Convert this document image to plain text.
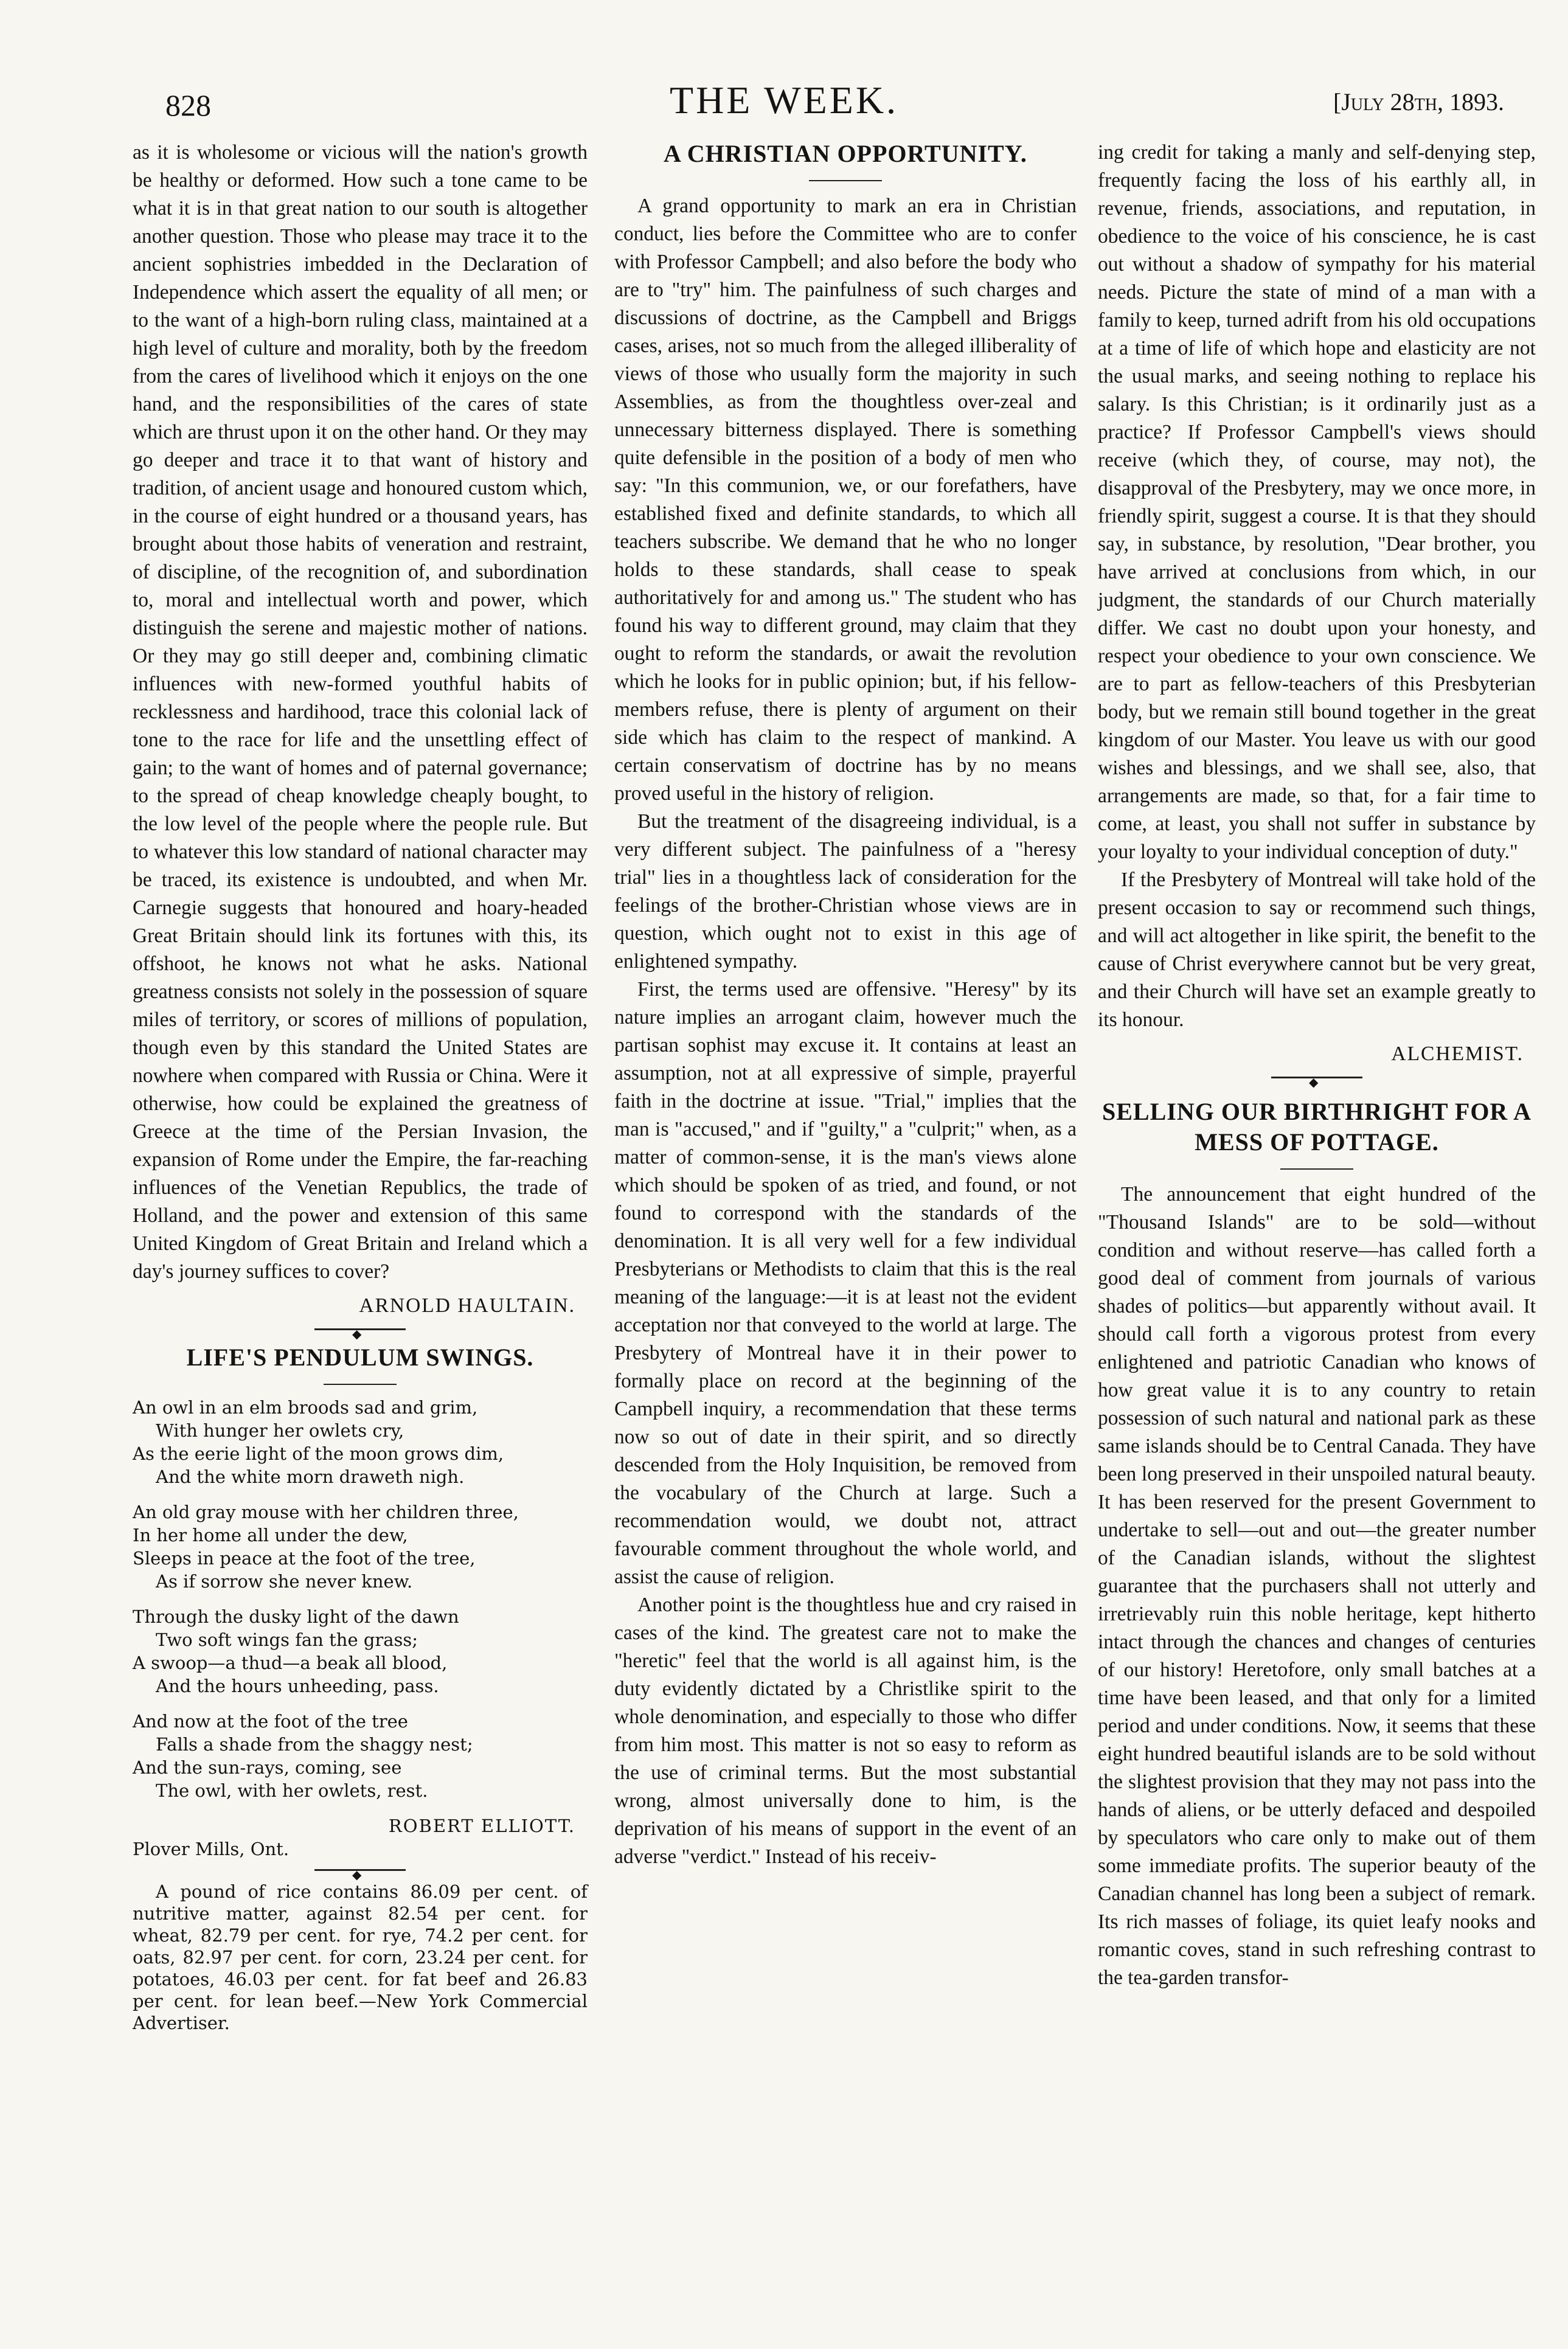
828	THE WEEK.	[July 28th, 1893.

as it is wholesome or vicious will the nation's growth be healthy or deformed. How such a tone came to be what it is in that great nation to our south is altogether another question. Those who please may trace it to the ancient sophistries imbedded in the Declaration of Independence which assert the equality of all men; or to the want of a high-born ruling class, maintained at a high level of culture and morality, both by the freedom from the cares of livelihood which it enjoys on the one hand, and the responsibilities of the cares of state which are thrust upon it on the other hand. Or they may go deeper and trace it to that want of history and tradition, of ancient usage and honoured custom which, in the course of eight hundred or a thousand years, has brought about those habits of veneration and restraint, of discipline, of the recognition of, and subordination to, moral and intellectual worth and power, which distinguish the serene and majestic mother of nations. Or they may go still deeper and, combining climatic influences with new-formed youthful habits of recklessness and hardihood, trace this colonial lack of tone to the race for life and the unsettling effect of gain; to the want of homes and of paternal governance; to the spread of cheap knowledge cheaply bought, to the low level of the people where the people rule. But to whatever this low standard of national character may be traced, its existence is undoubted, and when Mr. Carnegie suggests that honoured and hoary-headed Great Britain should link its fortunes with this, its offshoot, he knows not what he asks. National greatness consists not solely in the possession of square miles of territory, or scores of millions of population, though even by this standard the United States are nowhere when compared with Russia or China. Were it otherwise, how could be explained the greatness of Greece at the time of the Persian Invasion, the expansion of Rome under the Empire, the far-reaching influences of the Venetian Republics, the trade of Holland, and the power and extension of this same United Kingdom of Great Britain and Ireland which a day's journey suffices to cover?

ARNOLD HAULTAIN.
◆
LIFE'S PENDULUM SWINGS.
An owl in an elm broods sad and grim,
With hunger her owlets cry,
As the eerie light of the moon grows dim,
And the white morn draweth nigh.
An old gray mouse with her children three,
In her home all under the dew,
Sleeps in peace at the foot of the tree,
As if sorrow she never knew.
Through the dusky light of the dawn
Two soft wings fan the grass;
A swoop—a thud—a beak all blood,
And the hours unheeding, pass.
And now at the foot of the tree
Falls a shade from the shaggy nest;
And the sun-rays, coming, see
The owl, with her owlets, rest.
ROBERT ELLIOTT.
Plover Mills, Ont.
◆

A pound of rice contains 86.09 per cent. of nutritive matter, against 82.54 per cent. for wheat, 82.79 per cent. for rye, 74.2 per cent. for oats, 82.97 per cent. for corn, 23.24 per cent. for potatoes, 46.03 per cent. for fat beef and 26.83 per cent. for lean beef.—New York Commercial Advertiser.

A CHRISTIAN OPPORTUNITY.

A grand opportunity to mark an era in Christian conduct, lies before the Committee who are to confer with Professor Campbell; and also before the body who are to "try" him. The painfulness of such charges and discussions of doctrine, as the Campbell and Briggs cases, arises, not so much from the alleged illiberality of views of those who usually form the majority in such Assemblies, as from the thoughtless over-zeal and unnecessary bitterness displayed. There is something quite defensible in the position of a body of men who say: "In this communion, we, or our forefathers, have established fixed and definite standards, to which all teachers subscribe. We demand that he who no longer holds to these standards, shall cease to speak authoritatively for and among us." The student who has found his way to different ground, may claim that they ought to reform the standards, or await the revolution which he looks for in public opinion; but, if his fellow-members refuse, there is plenty of argument on their side which has claim to the respect of mankind. A certain conservatism of doctrine has by no means proved useful in the history of religion.

But the treatment of the disagreeing individual, is a very different subject. The painfulness of a "heresy trial" lies in a thoughtless lack of consideration for the feelings of the brother-Christian whose views are in question, which ought not to exist in this age of enlightened sympathy.

First, the terms used are offensive. "Heresy" by its nature implies an arrogant claim, however much the partisan sophist may excuse it. It contains at least an assumption, not at all expressive of simple, prayerful faith in the doctrine at issue. "Trial," implies that the man is "accused," and if "guilty," a "culprit;" when, as a matter of common-sense, it is the man's views alone which should be spoken of as tried, and found, or not found to correspond with the standards of the denomination. It is all very well for a few individual Presbyterians or Methodists to claim that this is the real meaning of the language:—it is at least not the evident acceptation nor that conveyed to the world at large. The Presbytery of Montreal have it in their power to formally place on record at the beginning of the Campbell inquiry, a recommendation that these terms now so out of date in their spirit, and so directly descended from the Holy Inquisition, be removed from the vocabulary of the Church at large. Such a recommendation would, we doubt not, attract favourable comment throughout the whole world, and assist the cause of religion.

Another point is the thoughtless hue and cry raised in cases of the kind. The greatest care not to make the "heretic" feel that the world is all against him, is the duty evidently dictated by a Christlike spirit to the whole denomination, and especially to those who differ from him most. This matter is not so easy to reform as the use of criminal terms. But the most substantial wrong, almost universally done to him, is the deprivation of his means of support in the event of an adverse "verdict." Instead of his receiv-

ing credit for taking a manly and self-denying step, frequently facing the loss of his earthly all, in revenue, friends, associations, and reputation, in obedience to the voice of his conscience, he is cast out without a shadow of sympathy for his material needs. Picture the state of mind of a man with a family to keep, turned adrift from his old occupations at a time of life of which hope and elasticity are not the usual marks, and seeing nothing to replace his salary. Is this Christian; is it ordinarily just as a practice? If Professor Campbell's views should receive (which they, of course, may not), the disapproval of the Presbytery, may we once more, in friendly spirit, suggest a course. It is that they should say, in substance, by resolution, "Dear brother, you have arrived at conclusions from which, in our judgment, the standards of our Church materially differ. We cast no doubt upon your honesty, and respect your obedience to your own conscience. We are to part as fellow-teachers of this Presbyterian body, but we remain still bound together in the great kingdom of our Master. You leave us with our good wishes and blessings, and we shall see, also, that arrangements are made, so that, for a fair time to come, at least, you shall not suffer in substance by your loyalty to your individual conception of duty."

If the Presbytery of Montreal will take hold of the present occasion to say or recommend such things, and will act altogether in like spirit, the benefit to the cause of Christ everywhere cannot but be very great, and their Church will have set an example greatly to its honour.

ALCHEMIST.
◆
SELLING OUR BIRTHRIGHT FOR A MESS OF POTTAGE.

The announcement that eight hundred of the "Thousand Islands" are to be sold—without condition and without reserve—has called forth a good deal of comment from journals of various shades of politics—but apparently without avail. It should call forth a vigorous protest from every enlightened and patriotic Canadian who knows of how great value it is to any country to retain possession of such natural and national park as these same islands should be to Central Canada. They have been long preserved in their unspoiled natural beauty. It has been reserved for the present Government to undertake to sell—out and out—the greater number of the Canadian islands, without the slightest guarantee that the purchasers shall not utterly and irretrievably ruin this noble heritage, kept hitherto intact through the chances and changes of centuries of our history! Heretofore, only small batches at a time have been leased, and that only for a limited period and under conditions. Now, it seems that these eight hundred beautiful islands are to be sold without the slightest provision that they may not pass into the hands of aliens, or be utterly defaced and despoiled by speculators who care only to make out of them some immediate profits. The superior beauty of the Canadian channel has long been a subject of remark. Its rich masses of foliage, its quiet leafy nooks and romantic coves, stand in such refreshing contrast to the tea-garden transfor-
